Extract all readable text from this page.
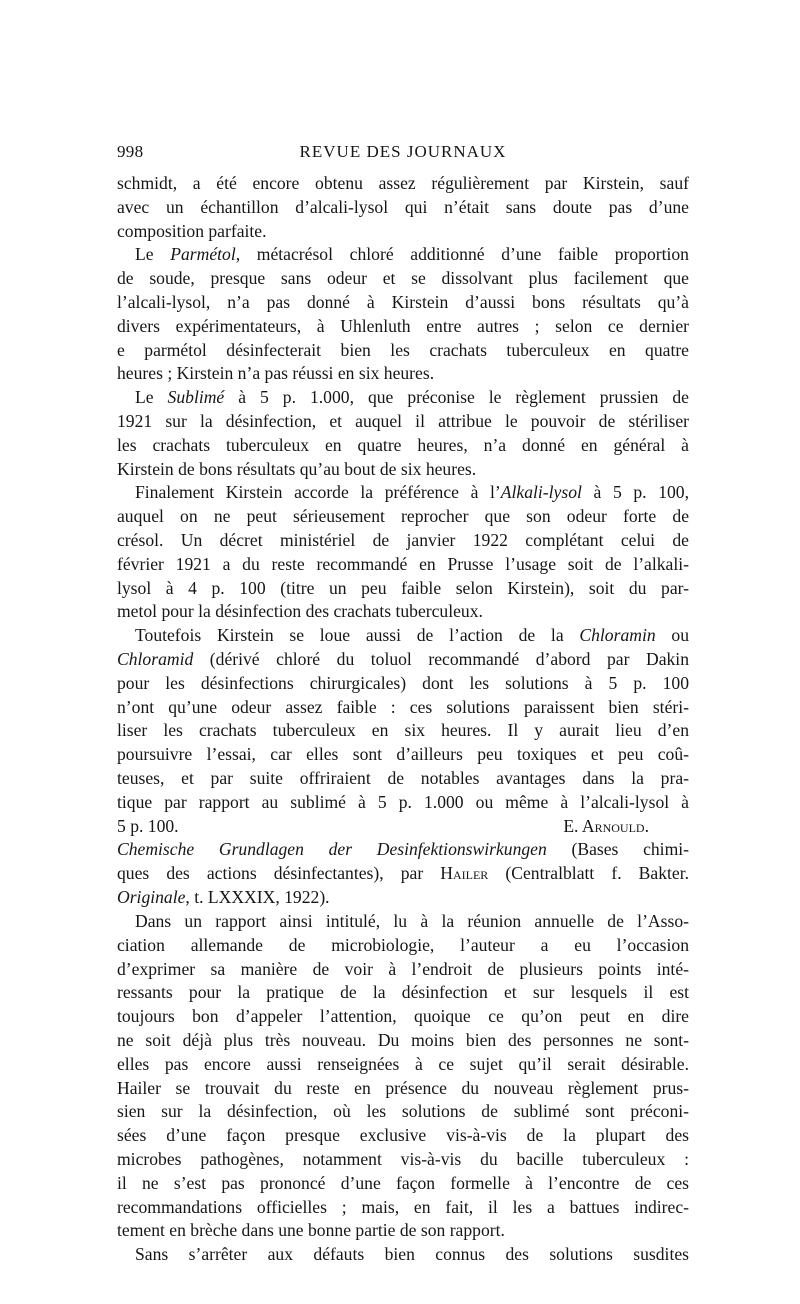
998	REVUE DES JOURNAUX
schmidt, a été encore obtenu assez régulièrement par Kirstein, sauf
avec un échantillon d’alcali-lysol qui n’était sans doute pas d’une
composition parfaite.
Le Parmétol, métacrésol chloré additionné d’une faible proportion
de soude, presque sans odeur et se dissolvant plus facilement que
l’alcali-lysol, n’a pas donné à Kirstein d’aussi bons résultats qu’à
divers expérimentateurs, à Uhlenluth entre autres ; selon ce dernier
e parmétol désinfecterait bien les crachats tuberculeux en quatre
heures ; Kirstein n’a pas réussi en six heures.
Le Sublimé à 5 p. 1.000, que préconise le règlement prussien de
1921 sur la désinfection, et auquel il attribue le pouvoir de stériliser
les crachats tuberculeux en quatre heures, n’a donné en général à
Kirstein de bons résultats qu’au bout de six heures.
Finalement Kirstein accorde la préférence à l’Alkali-lysol à 5 p. 100,
auquel on ne peut sérieusement reprocher que son odeur forte de
crésol. Un décret ministériel de janvier 1922 complétant celui de
février 1921 a du reste recommandé en Prusse l’usage soit de l’alkali-
lysol à 4 p. 100 (titre un peu faible selon Kirstein), soit du par-
metol pour la désinfection des crachats tuberculeux.
Toutefois Kirstein se loue aussi de l’action de la Chloramin ou
Chloramid (dérivé chloré du toluol recommandé d’abord par Dakin
pour les désinfections chirurgicales) dont les solutions à 5 p. 100
n’ont qu’une odeur assez faible : ces solutions paraissent bien stéri-
liser les crachats tuberculeux en six heures. Il y aurait lieu d’en
poursuivre l’essai, car elles sont d’ailleurs peu toxiques et peu coû-
teuses, et par suite offriraient de notables avantages dans la pra-
tique par rapport au sublimé à 5 p. 1.000 ou même à l’alcali-lysol à
5 p. 100.	E. Arnould.
Chemische Grundlagen der Desinfektionswirkungen (Bases chimi-
ques des actions désinfectantes), par Hailer (Centralblatt f. Bakter.
Originale, t. LXXXIX, 1922).
Dans un rapport ainsi intitulé, lu à la réunion annuelle de l’Asso-
ciation allemande de microbiologie, l’auteur a eu l’occasion
d’exprimer sa manière de voir à l’endroit de plusieurs points inté-
ressants pour la pratique de la désinfection et sur lesquels il est
toujours bon d’appeler l’attention, quoique ce qu’on peut en dire
ne soit déjà plus très nouveau. Du moins bien des personnes ne sont-
elles pas encore aussi renseignées à ce sujet qu’il serait désirable.
Hailer se trouvait du reste en présence du nouveau règlement prus-
sien sur la désinfection, où les solutions de sublimé sont préconi-
sées d’une façon presque exclusive vis-à-vis de la plupart des
microbes pathogènes, notamment vis-à-vis du bacille tuberculeux :
il ne s’est pas prononcé d’une façon formelle à l’encontre de ces
recommandations officielles ; mais, en fait, il les a battues indirec-
tement en brèche dans une bonne partie de son rapport.
Sans s’arrêter aux défauts bien connus des solutions susdites
